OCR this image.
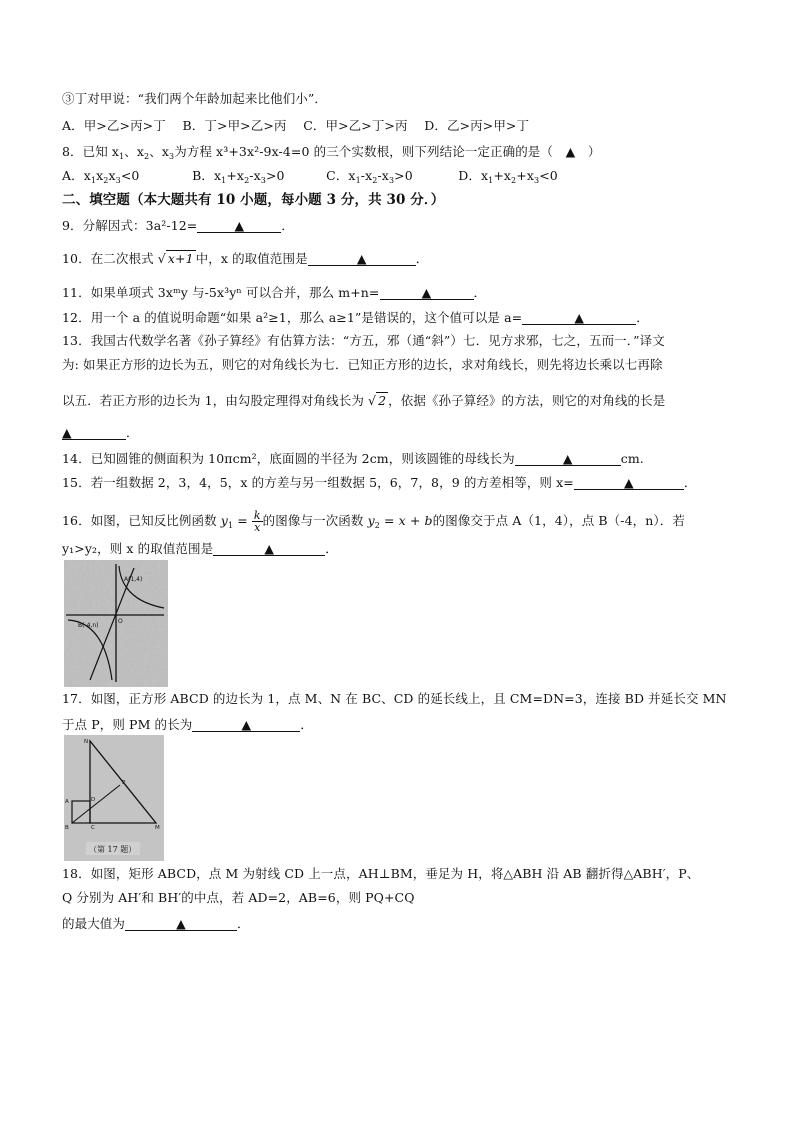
③丁对甲说：“我们两个年龄加起来比他们小”．
A．甲>乙>丙>丁　 B．丁>甲>乙>丙　 C．甲>乙>丁>丙　 D．乙>丙>甲>丁
8．已知 $x_1$、$x_2$、$x_3$为方程 x³+3x²-9x-4=0 的三个实数根，则下列结论一定正确的是（　▲　）
A．$x_1x_2x_3<0$	B．$x_1+x_2-x_3>0$	C．$x_1-x_2-x_3>0$	D．$x_1+x_2+x_3<0$
二、填空题（本大题共有 10 小题，每小题 3 分，共 30 分．）
9．分解因式：3a²-12=	▲	．
10．在二次根式 √ x+1 中，x 的取值范围是	▲	．
11．如果单项式 3xᵐy 与-5x³yⁿ 可以合并，那么 m+n=	▲	．
12．用一个 a 的值说明命题“如果 a²≥1，那么 a≥1”是错误的，这个值可以是 a=	▲	．
13．我国古代数学名著《孙子算经》有估算方法：“方五，邪（通“斜”）七．见方求邪，七之，五而一．”译文
为: 如果正方形的边长为五，则它的对角线长为七．已知正方形的边长，求对角线长，则先将边长乘以七再除
以五．若正方形的边长为 1，由勾股定理得对角线长为 √ 2 ，依据《孙子算经》的方法，则它的对角线的长是
▲	．
14．已知圆锥的侧面积为 10πcm²，底面圆的半径为 2cm，则该圆锥的母线长为	▲	cm.
15．若一组数据 2，3，4，5，x 的方差与另一组数据 5，6，7，8，9 的方差相等，则 x=	▲	．
16．如图，已知反比例函数 $y_1 = \frac{k}{x}$ 的图像与一次函数 $y_2 = x + b$的图像交于点 A（1，4），点 B（-4，n）．若
y₁>y₂，则 x 的取值范围是	▲	．
A(1,4)
B(-4,n)
O
17．如图，正方形 ABCD 的边长为 1，点 M、N 在 BC、CD 的延长线上，且 CM=DN=3，连接 BD 并延长交 MN
于点 P，则 PM 的长为	▲	．
A	D
B	C	M
N
P
（第 17 题）
18．如图，矩形 ABCD，点 M 为射线 CD 上一点，AH⊥BM，垂足为 H，将△ABH 沿 AB 翻折得△ABH′，P、
Q 分别为 AH′和 BH′的中点，若 AD=2，AB=6，则 PQ+CQ
的最大值为	▲	．
